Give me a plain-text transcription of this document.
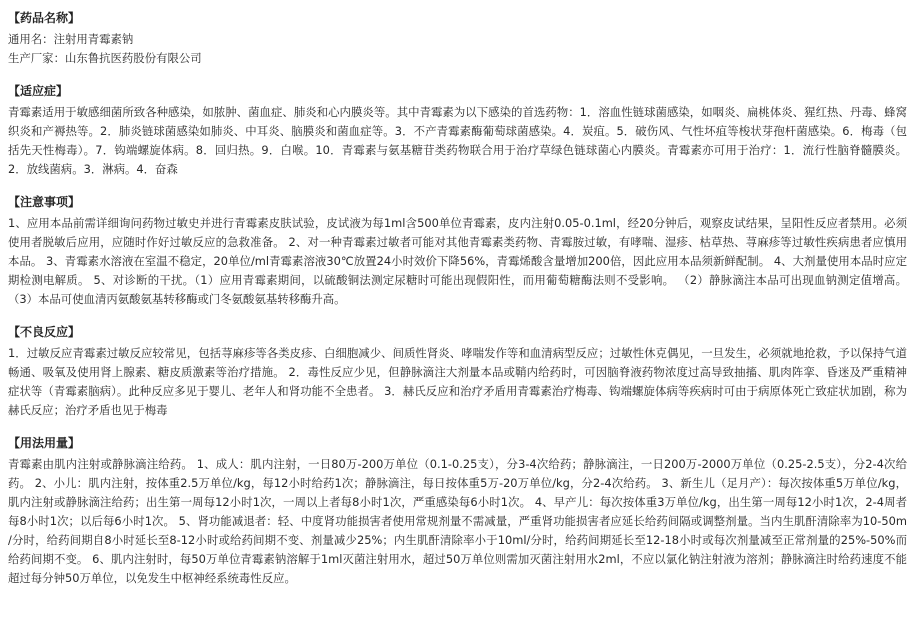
【药品名称】
通用名：注射用青霉素钠
生产厂家：山东鲁抗医药股份有限公司
【适应症】
青霉素适用于敏感细菌所致各种感染，如脓肿、菌血症、肺炎和心内膜炎等。其中青霉素为以下感染的首选药物：1．溶血性链球菌感染，如咽炎、扁桃体炎、猩红热、丹毒、蜂窝织炎和产褥热等。2．肺炎链球菌感染如肺炎、中耳炎、脑膜炎和菌血症等。3．不产青霉素酶葡萄球菌感染。4．炭疽。5．破伤风、气性坏疽等梭状芽孢杆菌感染。6．梅毒（包括先天性梅毒）。7．钩端螺旋体病。8．回归热。9．白喉。10．青霉素与氨基糖苷类药物联合用于治疗草绿色链球菌心内膜炎。青霉素亦可用于治疗：1．流行性脑脊髓膜炎。2．放线菌病。3．淋病。4．奋森
【注意事项】
1、应用本品前需详细询问药物过敏史并进行青霉素皮肤试验，皮试液为每1ml含500单位青霉素，皮内注射0.05-0.1ml，经20分钟后，观察皮试结果，呈阳性反应者禁用。必须使用者脱敏后应用，应随时作好过敏反应的急救准备。 2、对一种青霉素过敏者可能对其他青霉素类药物、青霉胺过敏，有哮喘、湿疹、枯草热、荨麻疹等过敏性疾病患者应慎用本品。 3、青霉素水溶液在室温不稳定，20单位/ml青霉素溶液30℃放置24小时效价下降56%，青霉烯酸含量增加200倍，因此应用本品须新鲜配制。 4、大剂量使用本品时应定期检测电解质。 5、对诊断的干扰。（1）应用青霉素期间，以硫酸铜法测定尿糖时可能出现假阳性，而用葡萄糖酶法则不受影响。 （2）静脉滴注本品可出现血钠测定值增高。 （3）本品可使血清丙氨酸氨基转移酶或门冬氨酸氨基转移酶升高。
【不良反应】
1．过敏反应青霉素过敏反应较常见，包括荨麻疹等各类皮疹、白细胞减少、间质性肾炎、哮喘发作等和血清病型反应；过敏性休克偶见，一旦发生，必须就地抢救，予以保持气道畅通、吸氧及使用肾上腺素、糖皮质激素等治疗措施。 2．毒性反应少见，但静脉滴注大剂量本品或鞘内给药时，可因脑脊液药物浓度过高导致抽搐、肌肉阵挛、昏迷及严重精神症状等（青霉素脑病）。此种反应多见于婴儿、老年人和肾功能不全患者。 3．赫氏反应和治疗矛盾用青霉素治疗梅毒、钩端螺旋体病等疾病时可由于病原体死亡致症状加剧，称为赫氏反应；治疗矛盾也见于梅毒
【用法用量】
青霉素由肌内注射或静脉滴注给药。 1、成人：肌内注射，一日80万-200万单位（0.1-0.25支），分3-4次给药；静脉滴注，一日200万-2000万单位（0.25-2.5支），分2-4次给药。 2、小儿：肌内注射，按体重2.5万单位/kg，每12小时给药1次；静脉滴注，每日按体重5万-20万单位/kg，分2-4次给药。 3、新生儿（足月产）：每次按体重5万单位/kg，肌内注射或静脉滴注给药；出生第一周每12小时1次，一周以上者每8小时1次，严重感染每6小时1次。 4、早产儿：每次按体重3万单位/kg，出生第一周每12小时1次，2-4周者每8小时1次；以后每6小时1次。 5、肾功能减退者：轻、中度肾功能损害者使用常规剂量不需减量，严重肾功能损害者应延长给药间隔或调整剂量。当内生肌酐清除率为10-50m /分时，给药间期自8小时延长至8-12小时或给药间期不变、剂量减少25%；内生肌酐清除率小于10ml/分时，给药间期延长至12-18小时或每次剂量减至正常剂量的25%-50%而给药间期不变。 6、肌内注射时，每50万单位青霉素钠溶解于1ml灭菌注射用水，超过50万单位则需加灭菌注射用水2ml，不应以氯化钠注射液为溶剂；静脉滴注时给药速度不能超过每分钟50万单位，以免发生中枢神经系统毒性反应。
